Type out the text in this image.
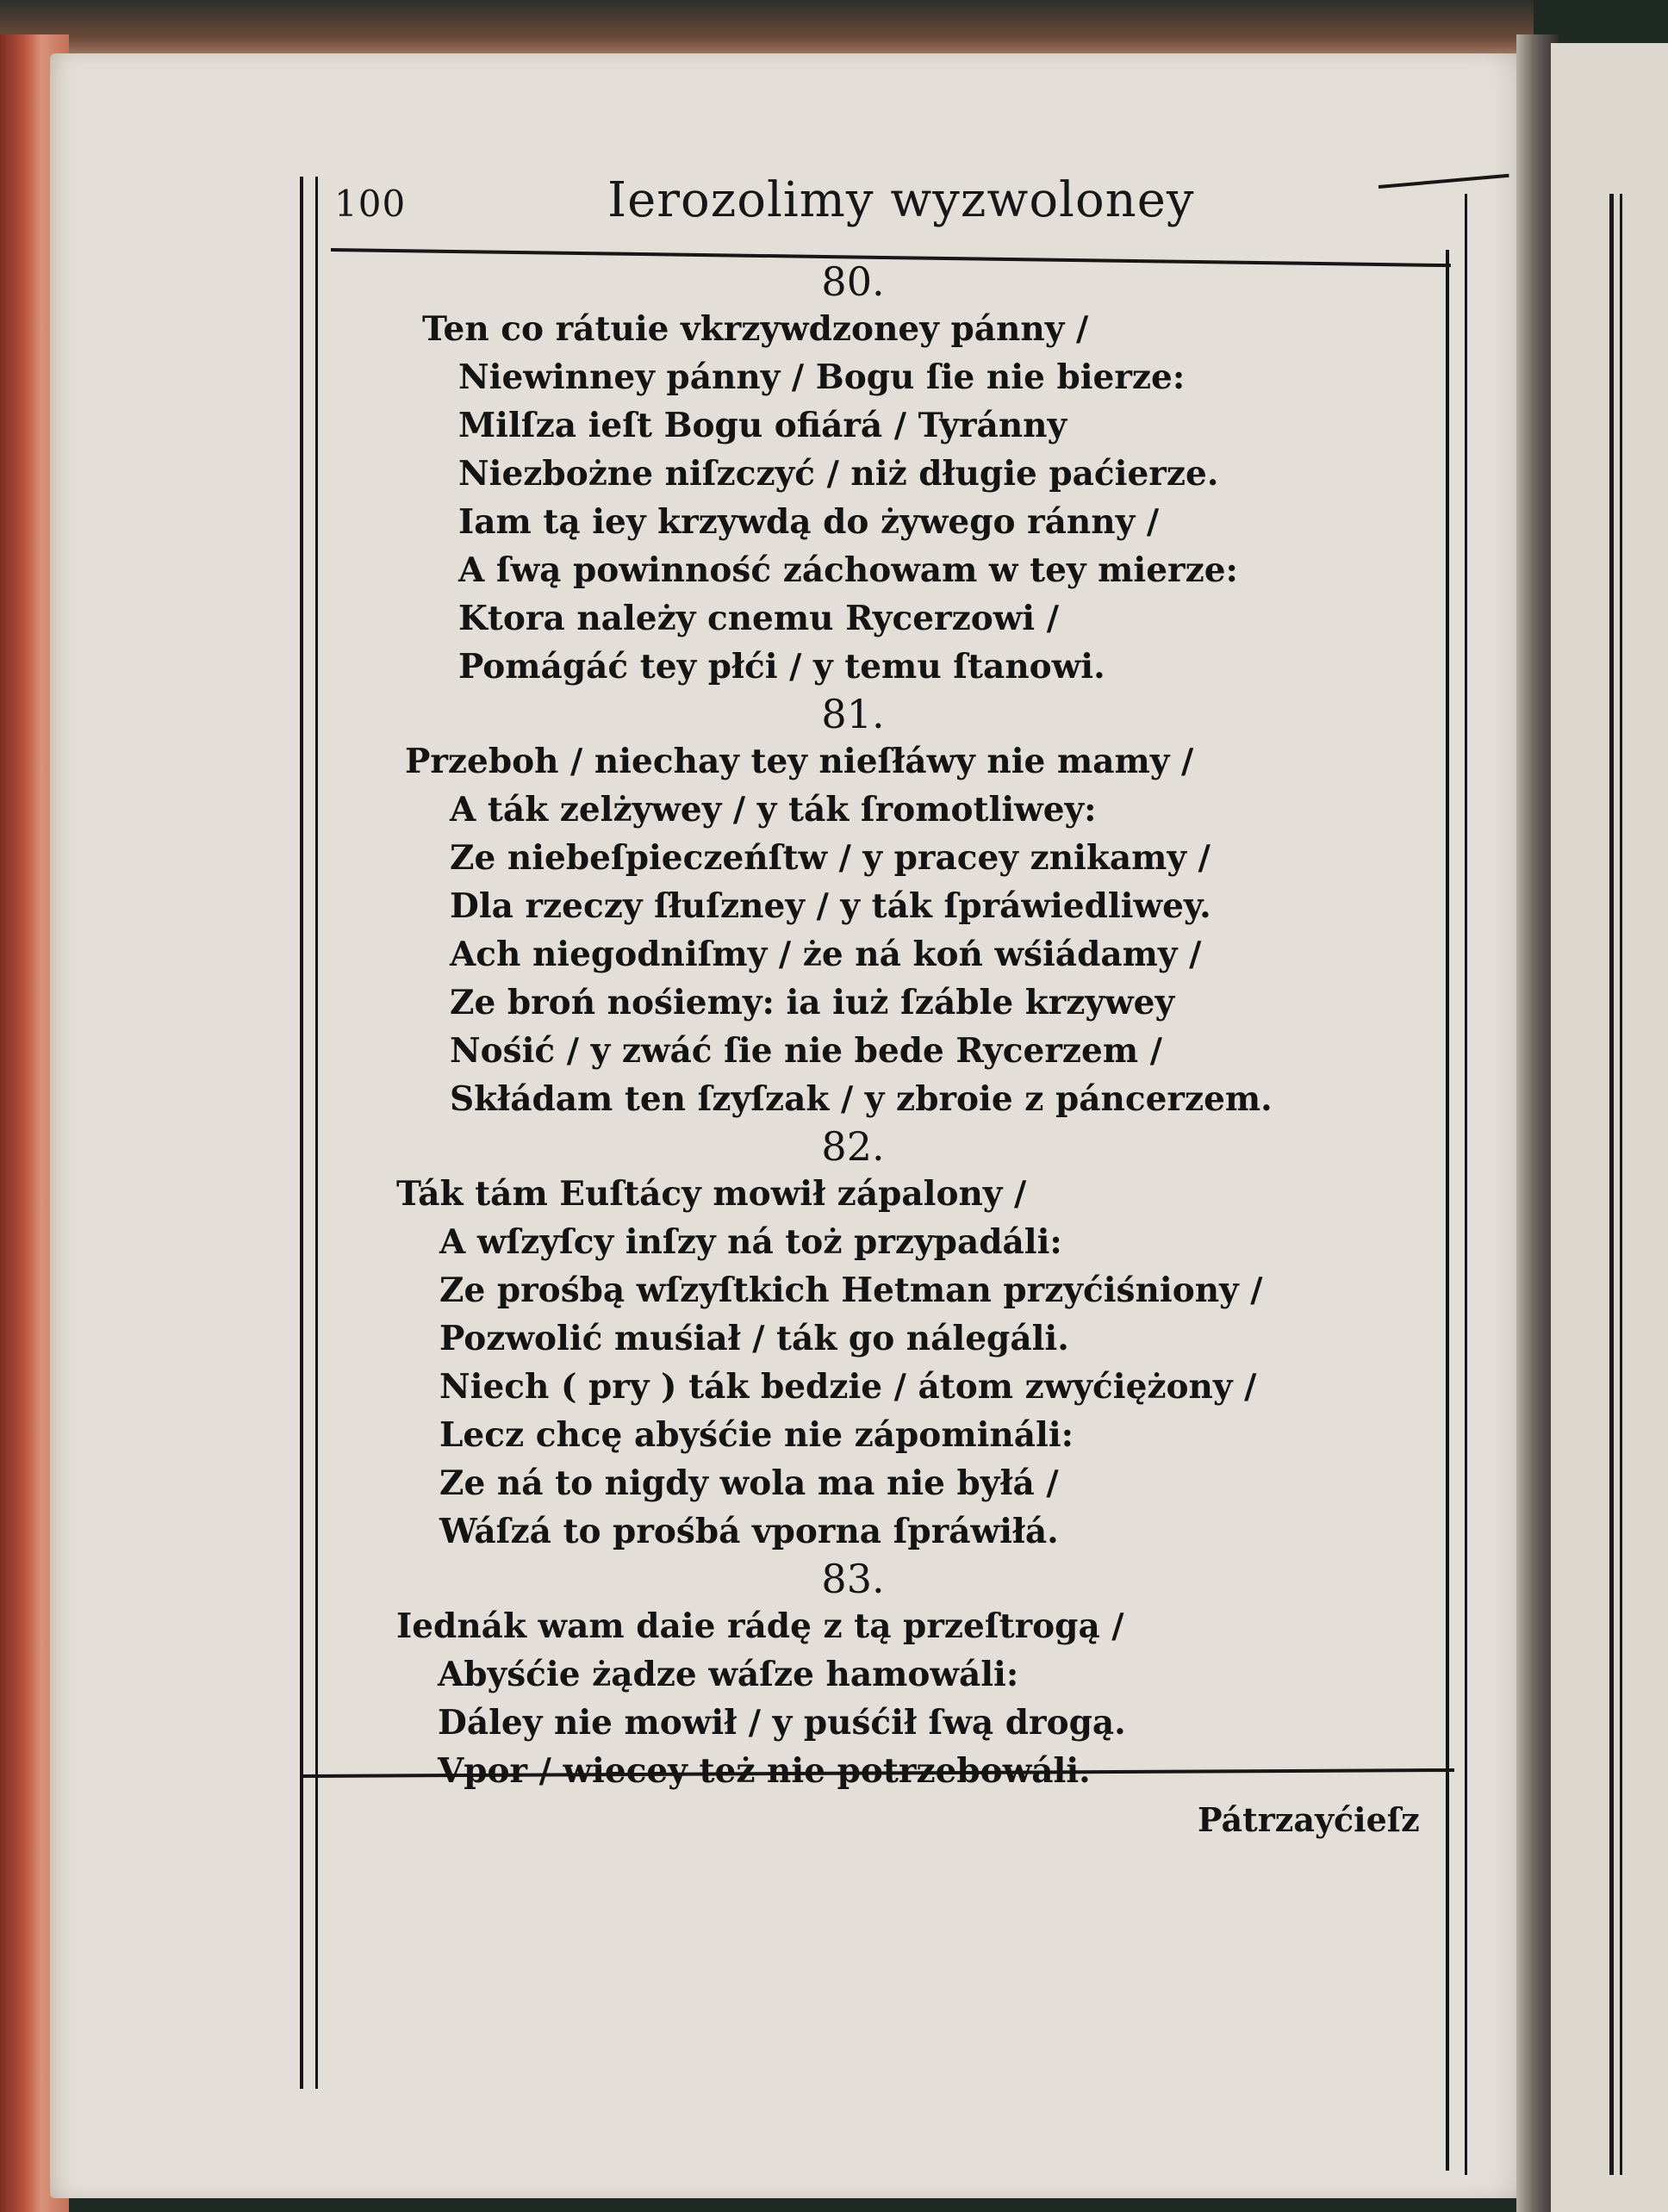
100	Ierozolimy wyzwoloney
80.
Ten co rátuie vkrzywdzoney pánny /
Niewinney pánny / Bogu ſie nie bierze:
Milſza ieſt Bogu ofiárá / Tyránny
Niezbożne niſzczyć / niż długie paćierze.
Iam tą iey krzywdą do żywego ránny /
A ſwą powinność záchowam w tey mierze:
Ktora należy cnemu Rycerzowi /
Pomágáć tey płći / y temu ſtanowi.
81.
Przeboh / niechay tey nieſłáwy nie mamy /
A ták zelżywey / y ták ſromotliwey:
Ze niebeſpieczeńſtw / y pracey znikamy /
Dla rzeczy ſłuſzney / y ták ſpráwiedliwey.
Ach niegodniſmy / że ná koń wśiádamy /
Ze broń nośiemy: ia iuż ſzáble krzywey
Nośić / y zwáć ſie nie bede Rycerzem /
Skłádam ten ſzyſzak / y zbroie z páncerzem.
82.
Ták tám Euſtácy mowił zápalony /
A wſzyſcy inſzy ná toż przypadáli:
Ze prośbą wſzyſtkich Hetman przyćiśniony /
Pozwolić muśiał / ták go nálegáli.
Niech ( pry ) ták bedzie / átom zwyćiężony /
Lecz chcę abyśćie nie zápomináli:
Ze ná to nigdy wola ma nie byłá /
Wáſzá to prośbá vporna ſpráwiłá.
83.
Iednák wam daie rádę z tą przeſtrogą /
Abyśćie żądze wáſze hamowáli:
Dáley nie mowił / y puśćił ſwą drogą.
Vpor / wiecey też nie potrzebowáli.
Pátrzayćieſz
